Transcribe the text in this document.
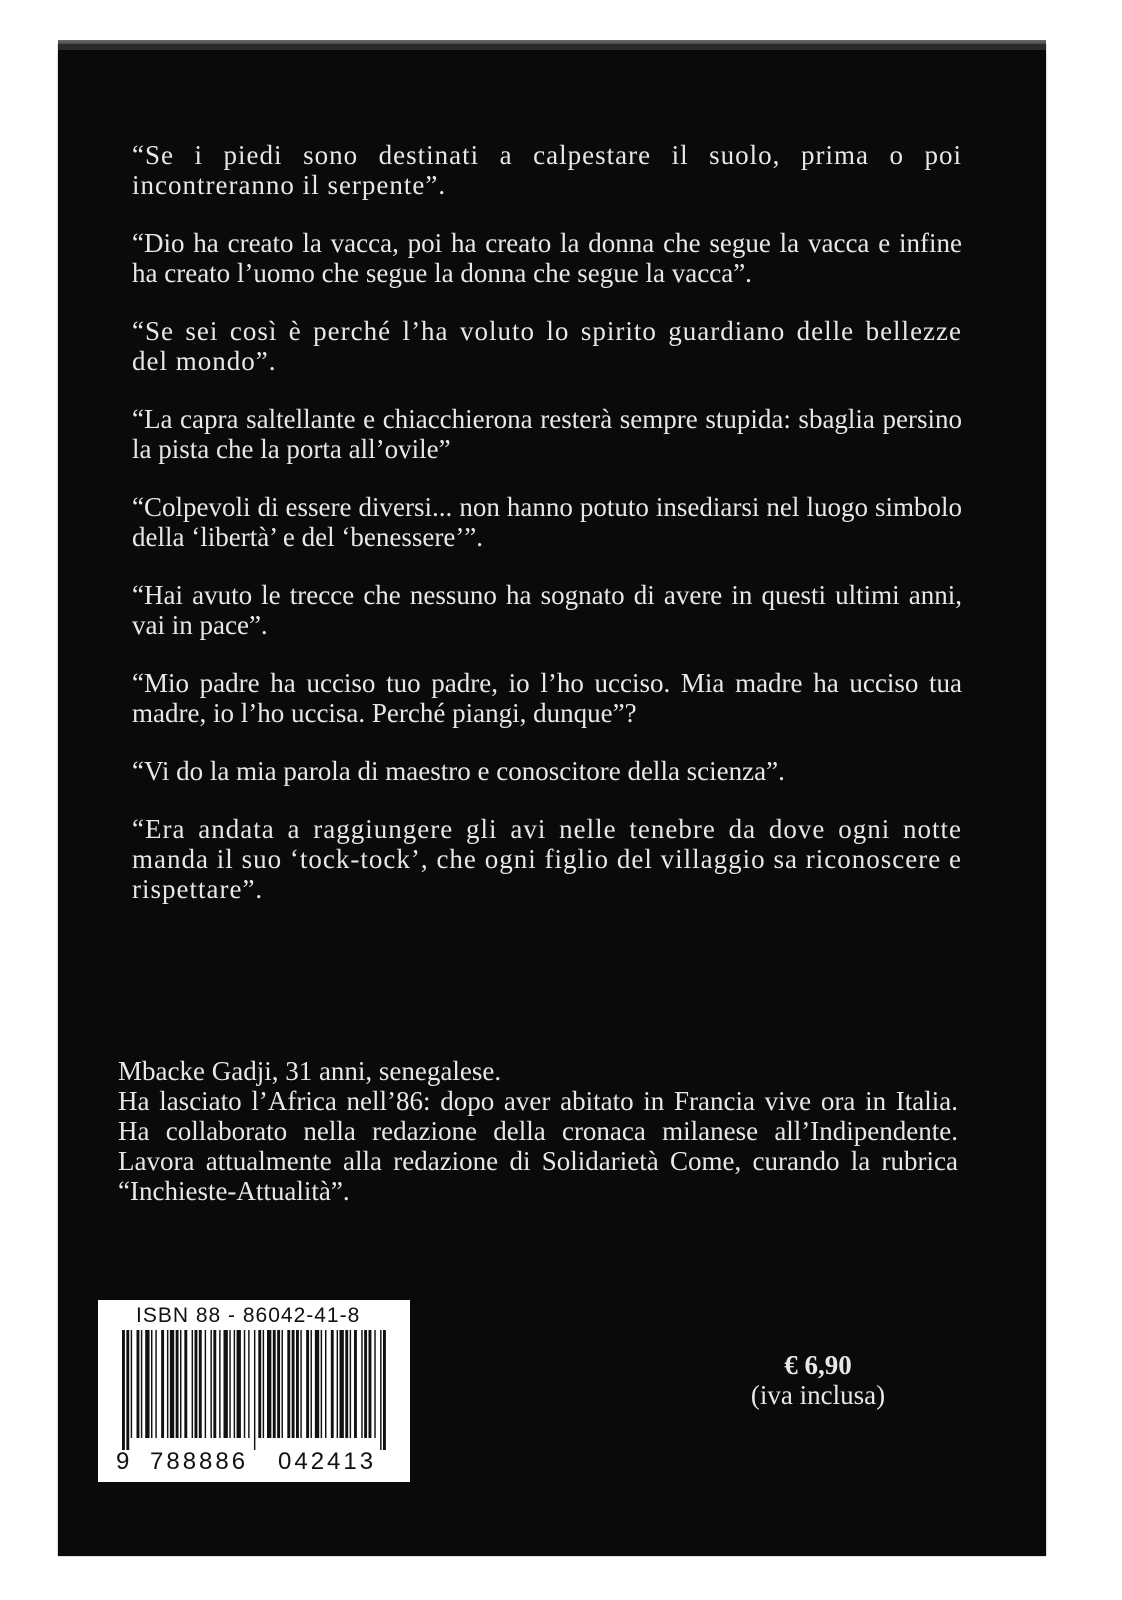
“Se i piedi sono destinati a calpestare il suolo, prima o poi incontreranno il serpente”.

“Dio ha creato la vacca, poi ha creato la donna che segue la vacca e infine ha creato l’uomo che segue la donna che segue la vacca”.

“Se sei così è perché l’ha voluto lo spirito guardiano delle bellezze del mondo”.

“La capra saltellante e chiacchierona resterà sempre stupida: sbaglia persino la pista che la porta all’ovile”

“Colpevoli di essere diversi... non hanno potuto insediarsi nel luogo simbolo della ‘libertà’ e del ‘benessere’”.

“Hai avuto le trecce che nessuno ha sognato di avere in questi ultimi anni, vai in pace”.

“Mio padre ha ucciso tuo padre, io l’ho ucciso. Mia madre ha ucciso tua madre, io l’ho uccisa. Perché piangi, dunque”?

“Vi do la mia parola di maestro e conoscitore della scienza”.

“Era andata a raggiungere gli avi nelle tenebre da dove ogni notte manda il suo ‘tock-tock’, che ogni figlio del villaggio sa riconoscere e rispettare”.

Mbacke Gadji, 31 anni, senegalese.

Ha lasciato l’Africa nell’86: dopo aver abitato in Francia vive ora in Italia. Ha collaborato nella redazione della cronaca milanese all’Indipendente. Lavora attualmente alla redazione di Solidarietà Come, curando la rubrica “Inchieste-Attualità”.

ISBN 88 - 86042-41-8
9 788886 042413
€ 6,90
(iva inclusa)
